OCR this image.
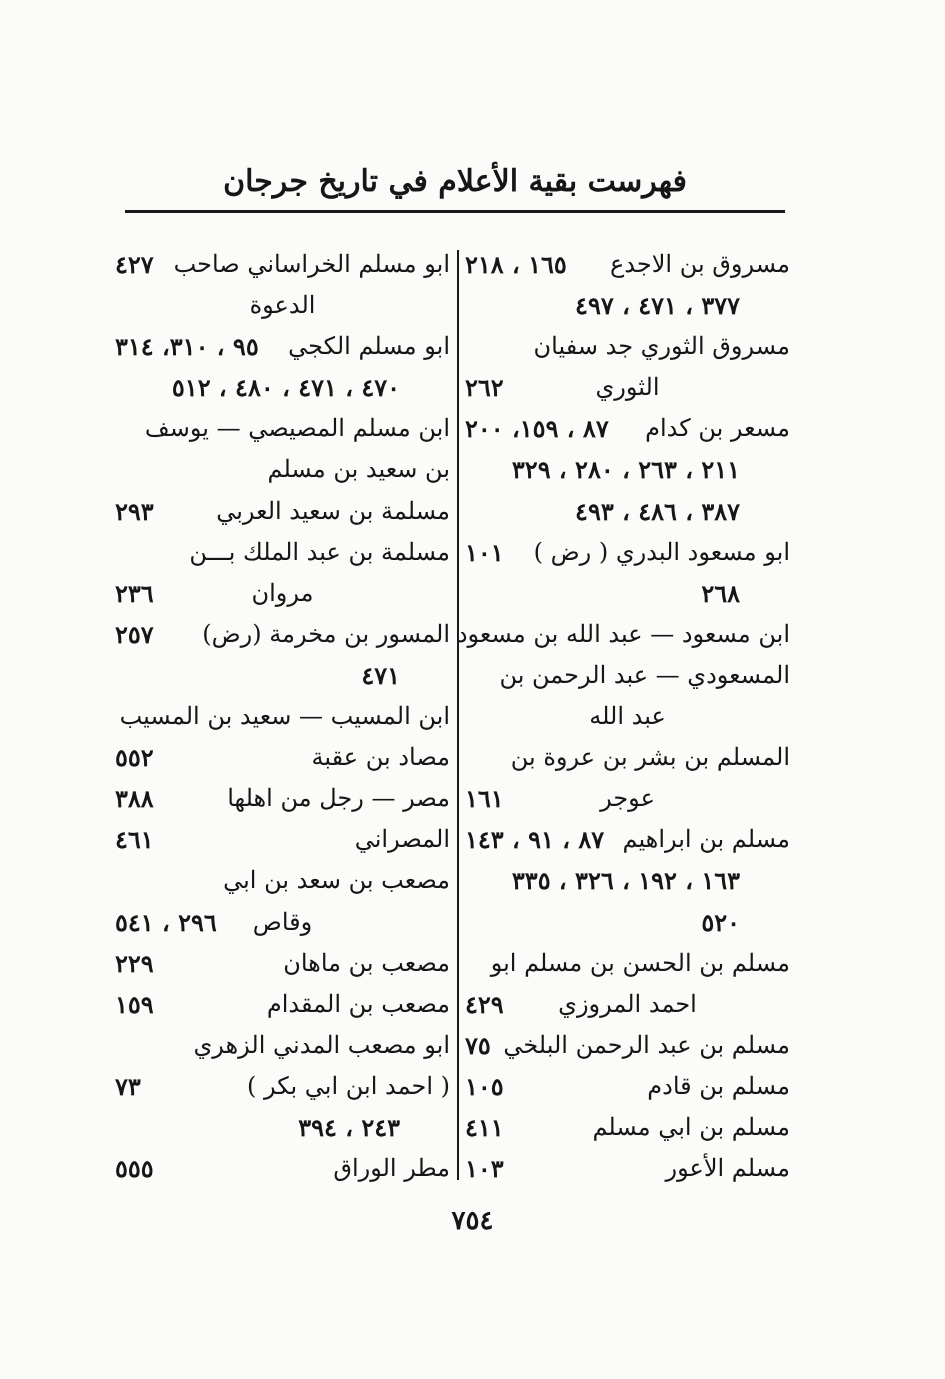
فهرست بقية الأعلام في تاريخ جرجان
مسروق بن الاجدع
١٦٥ ، ٢١٨
٣٧٧ ، ٤٧١ ، ٤٩٧
مسروق الثوري جد سفيان
الثوري
٢٦٢
مسعر بن كدام
٨٧ ، ١٥٩، ٢٠٠
٢١١ ، ٢٦٣ ، ٢٨٠ ، ٣٢٩
٣٨٧ ، ٤٨٦ ، ٤٩٣
ابو مسعود البدري ( رض )
١٠١
٢٦٨
ابن مسعود — عبد الله بن مسعود
المسعودي — عبد الرحمن بن
عبد الله
المسلم بن بشر بن عروة بن
عوجر
١٦١
مسلم بن ابراهيم
٨٧ ، ٩١ ، ١٤٣
١٦٣ ، ١٩٢ ، ٣٢٦ ، ٣٣٥
٥٢٠
مسلم بن الحسن بن مسلم ابو
احمد المروزي
٤٢٩
مسلم بن عبد الرحمن البلخي
٧٥
مسلم بن قادم
١٠٥
مسلم بن ابي مسلم
٤١١
مسلم الأعور
١٠٣
ابو مسلم الخراساني صاحب
٤٢٧
الدعوة
ابو مسلم الكجي
٩٥ ، ٣١٠، ٣١٤
٤٧٠ ، ٤٧١ ، ٤٨٠ ، ٥١٢
ابن مسلم المصيصي — يوسف
بن سعيد بن مسلم
مسلمة بن سعيد العربي
٢٩٣
مسلمة بن عبد الملك بـــن
مروان
٢٣٦
المسور بن مخرمة (رض)
٢٥٧
٤٧١
ابن المسيب — سعيد بن المسيب
مصاد بن عقبة
٥٥٢
مصر — رجل من اهلها
٣٨٨
المصراني
٤٦١
مصعب بن سعد بن ابي
وقاص
٢٩٦ ، ٥٤١
مصعب بن ماهان
٢٢٩
مصعب بن المقدام
١٥٩
ابو مصعب المدني الزهري
( احمد ابن ابي بكر )
٧٣
٢٤٣ ، ٣٩٤
مطر الوراق
٥٥٥
٧٥٤
